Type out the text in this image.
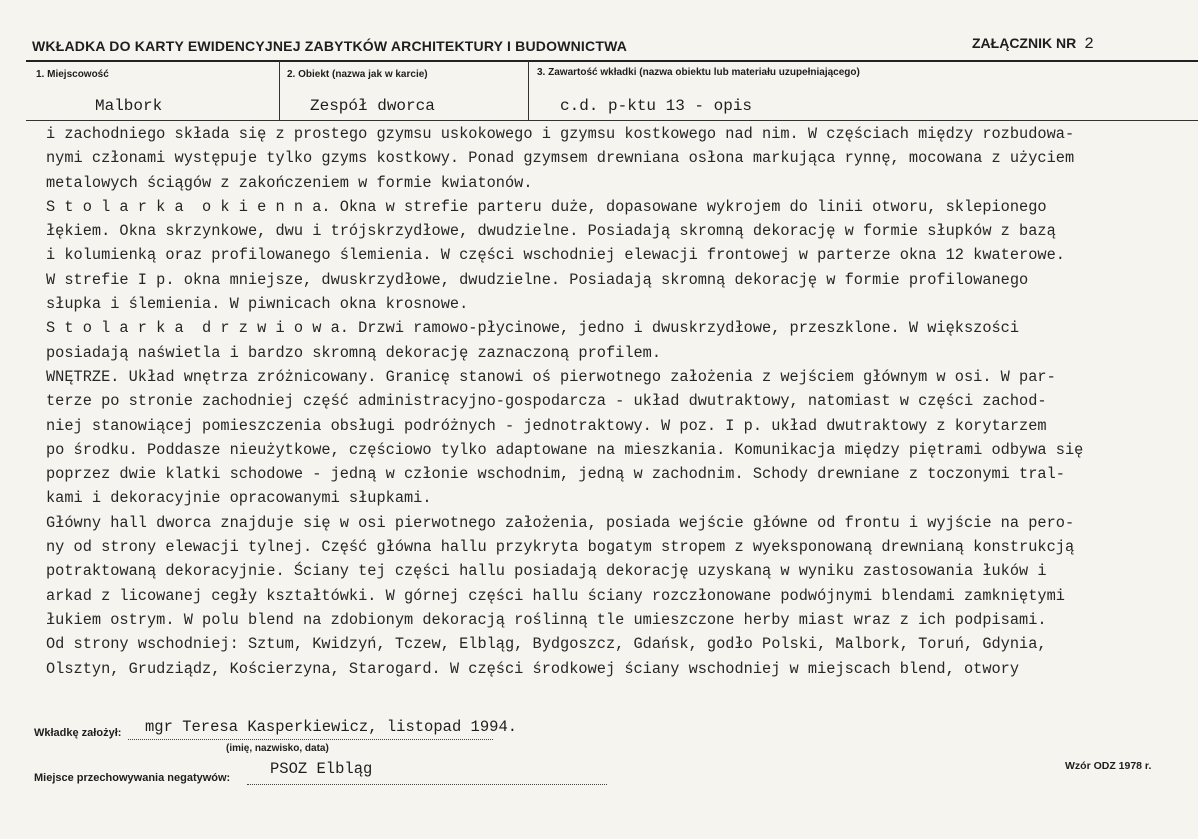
WKŁADKA DO KARTY EWIDENCYJNEJ ZABYTKÓW ARCHITEKTURY I BUDOWNICTWA	ZAŁĄCZNIK NR 2
1. Miejscowość
Malbork
2. Obiekt (nazwa jak w karcie)
Zespół dworca
3. Zawartość wkładki (nazwa obiektu lub materiału uzupełniającego)
c.d. p-ktu 13 - opis
i zachodniego składa się z prostego gzymsu uskokowego i gzymsu kostkowego nad nim. W częściach między rozbudowa-
nymi członami występuje tylko gzyms kostkowy. Ponad gzymsem drewniana osłona markująca rynnę, mocowana z użyciem
metalowych ściągów z zakończeniem w formie kwiatonów.
S t o l a r k a  o k i e n n a. Okna w strefie parteru duże, dopasowane wykrojem do linii otworu, sklepionego
łękiem. Okna skrzynkowe, dwu i trójskrzydłowe, dwudzielne. Posiadają skromną dekorację w formie słupków z bazą
i kolumienką oraz profilowanego ślemienia. W części wschodniej elewacji frontowej w parterze okna 12 kwaterowe.
W strefie I p. okna mniejsze, dwuskrzydłowe, dwudzielne. Posiadają skromną dekorację w formie profilowanego
słupka i ślemienia. W piwnicach okna krosnowe.
S t o l a r k a  d r z w i o w a. Drzwi ramowo-płycinowe, jedno i dwuskrzydłowe, przeszklone. W większości
posiadają naświetla i bardzo skromną dekorację zaznaczoną profilem.
WNĘTRZE. Układ wnętrza zróżnicowany. Granicę stanowi oś pierwotnego założenia z wejściem głównym w osi. W par-
terze po stronie zachodniej część administracyjno-gospodarcza - układ dwutraktowy, natomiast w części zachod-
niej stanowiącej pomieszczenia obsługi podróżnych - jednotraktowy. W poz. I p. układ dwutraktowy z korytarzem
po środku. Poddasze nieużytkowe, częściowo tylko adaptowane na mieszkania. Komunikacja między piętrami odbywa się
poprzez dwie klatki schodowe - jedną w członie wschodnim, jedną w zachodnim. Schody drewniane z toczonymi tral-
kami i dekoracyjnie opracowanymi słupkami.
Główny hall dworca znajduje się w osi pierwotnego założenia, posiada wejście główne od frontu i wyjście na pero-
ny od strony elewacji tylnej. Część główna hallu przykryta bogatym stropem z wyeksponowaną drewnianą konstrukcją
potraktowaną dekoracyjnie. Ściany tej części hallu posiadają dekorację uzyskaną w wyniku zastosowania łuków i
arkad z licowanej cegły kształtówki. W górnej części hallu ściany rozczłonowane podwójnymi blendami zamkniętymi
łukiem ostrym. W polu blend na zdobionym dekoracją roślinną tle umieszczone herby miast wraz z ich podpisami.
Od strony wschodniej: Sztum, Kwidzyń, Tczew, Elbląg, Bydgoszcz, Gdańsk, godło Polski, Malbork, Toruń, Gdynia,
Olsztyn, Grudziądz, Kościerzyna, Starogard. W części środkowej ściany wschodniej w miejscach blend, otwory
Wkładkę założył: mgr Teresa Kasperkiewicz, listopad 1994.
(imię, nazwisko, data)
Miejsce przechowywania negatywów:	PSOZ Elbląg	Wzór ODZ 1978 r.
